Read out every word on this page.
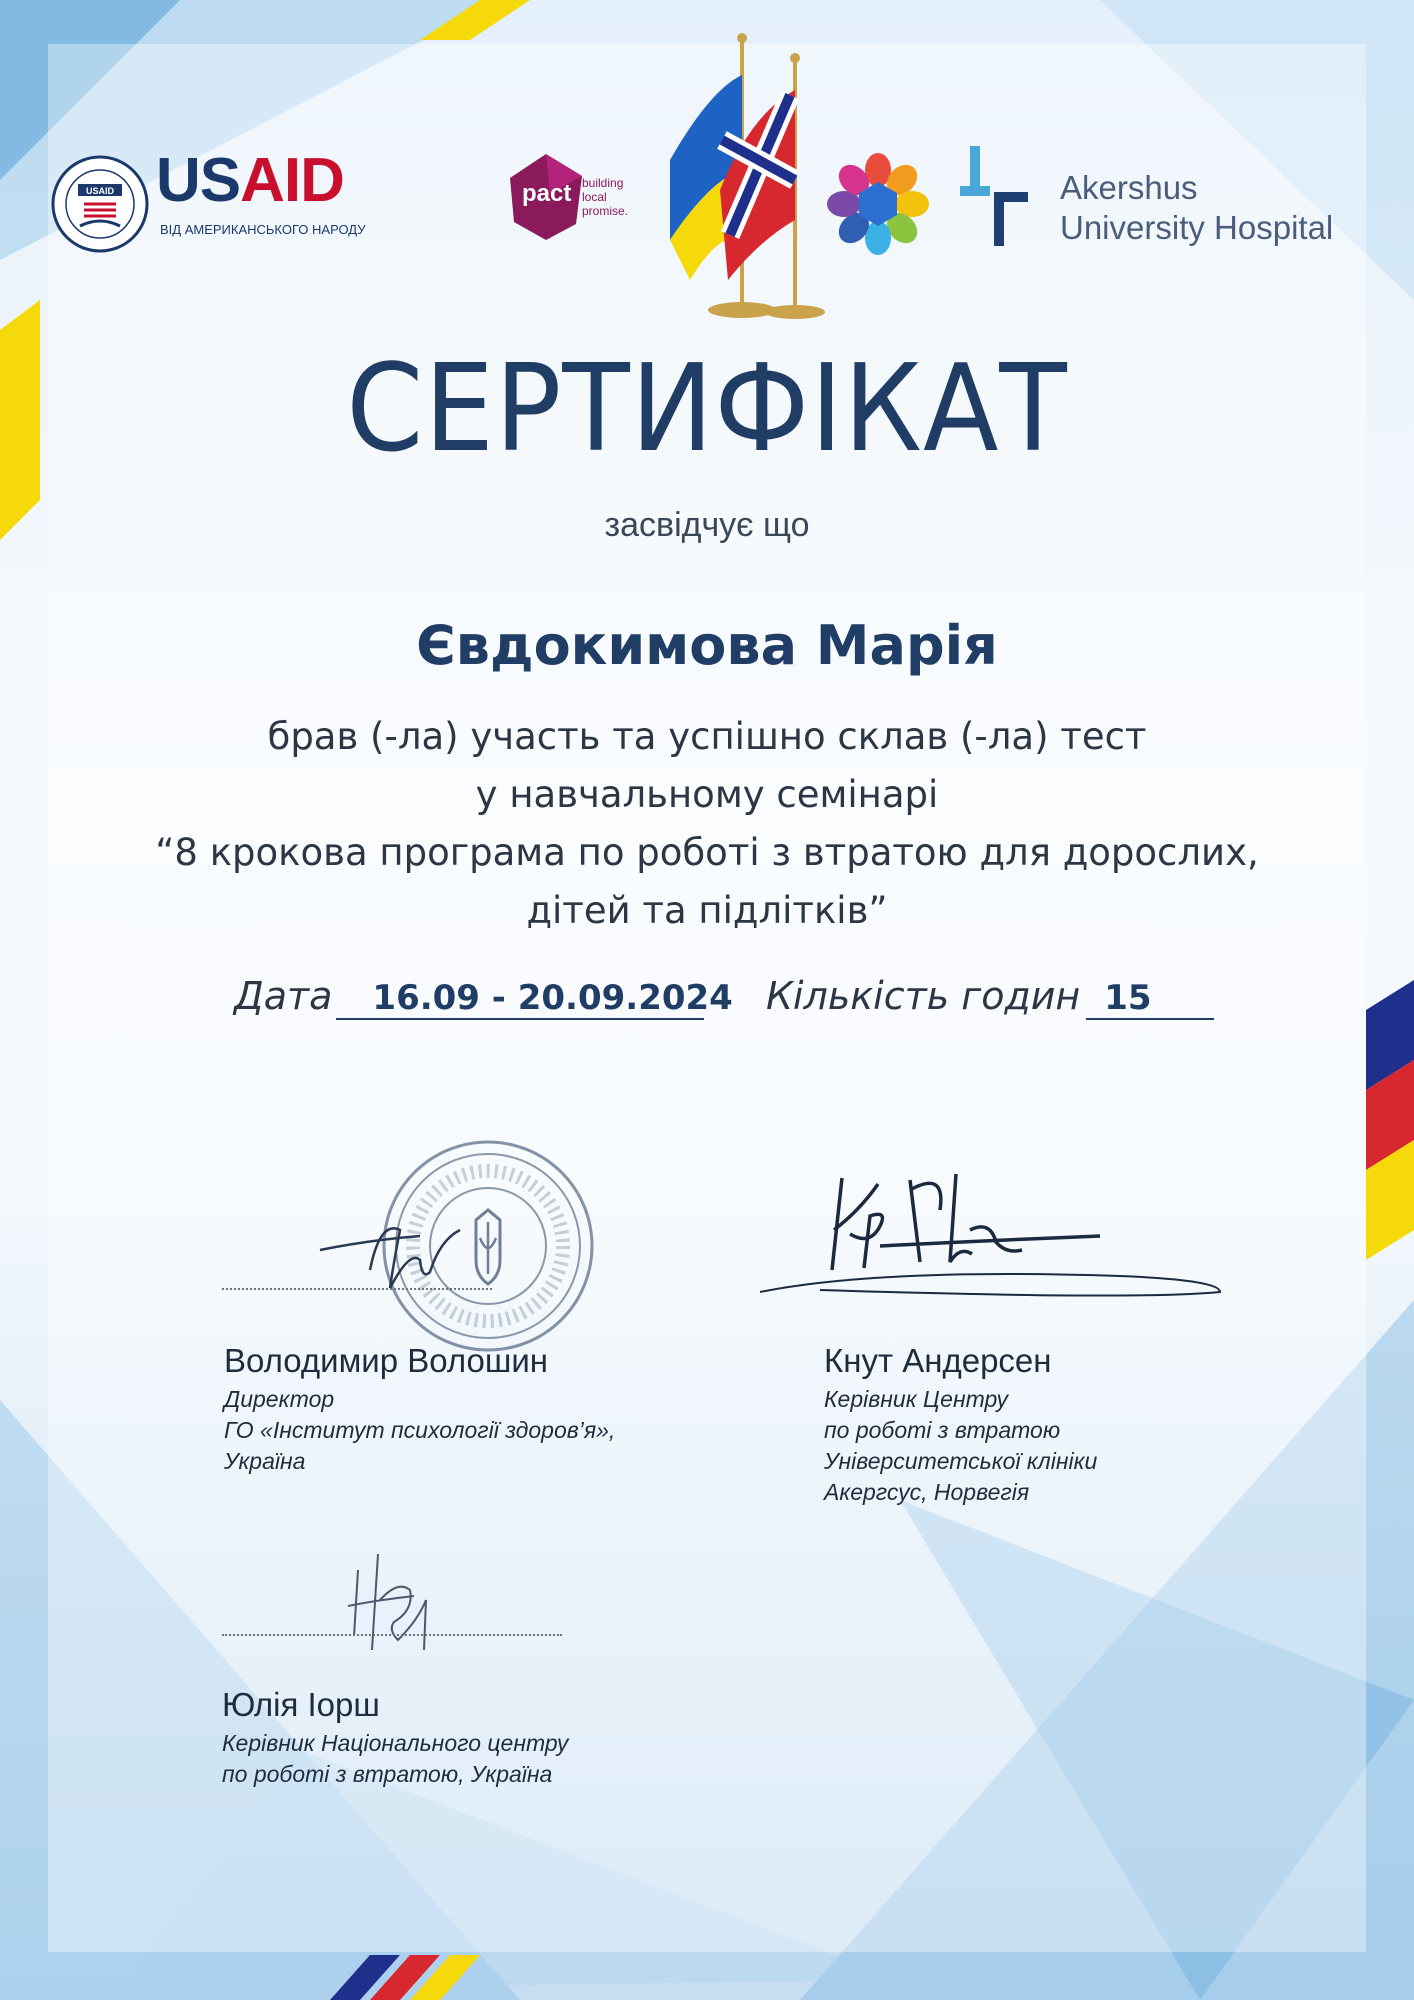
USAID USAID
ВІД АМЕРИКАНСЬКОГО НАРОДУ
pact building
local
promise.
Akershus
University Hospital
СЕРТИФІКАТ
засвідчує що
Євдокимова Марія
брав (-ла) участь та успішно склав (-ла) тест
у навчальному семінарі
“8 крокова програма по роботі з втратою для дорослих,
дітей та підлітків”
Дата 16.09 - 20.09.2024 Кількість годин 15
Володимир Волошин
Директор
ГО «Інститут психології здоров’я»,
Україна
Кнут Андерсен
Керівник Центру
по роботі з втратою
Університетської клініки
Акергсус, Норвегія
Юлія Іорш
Керівник Національного центру
по роботі з втратою, Україна
